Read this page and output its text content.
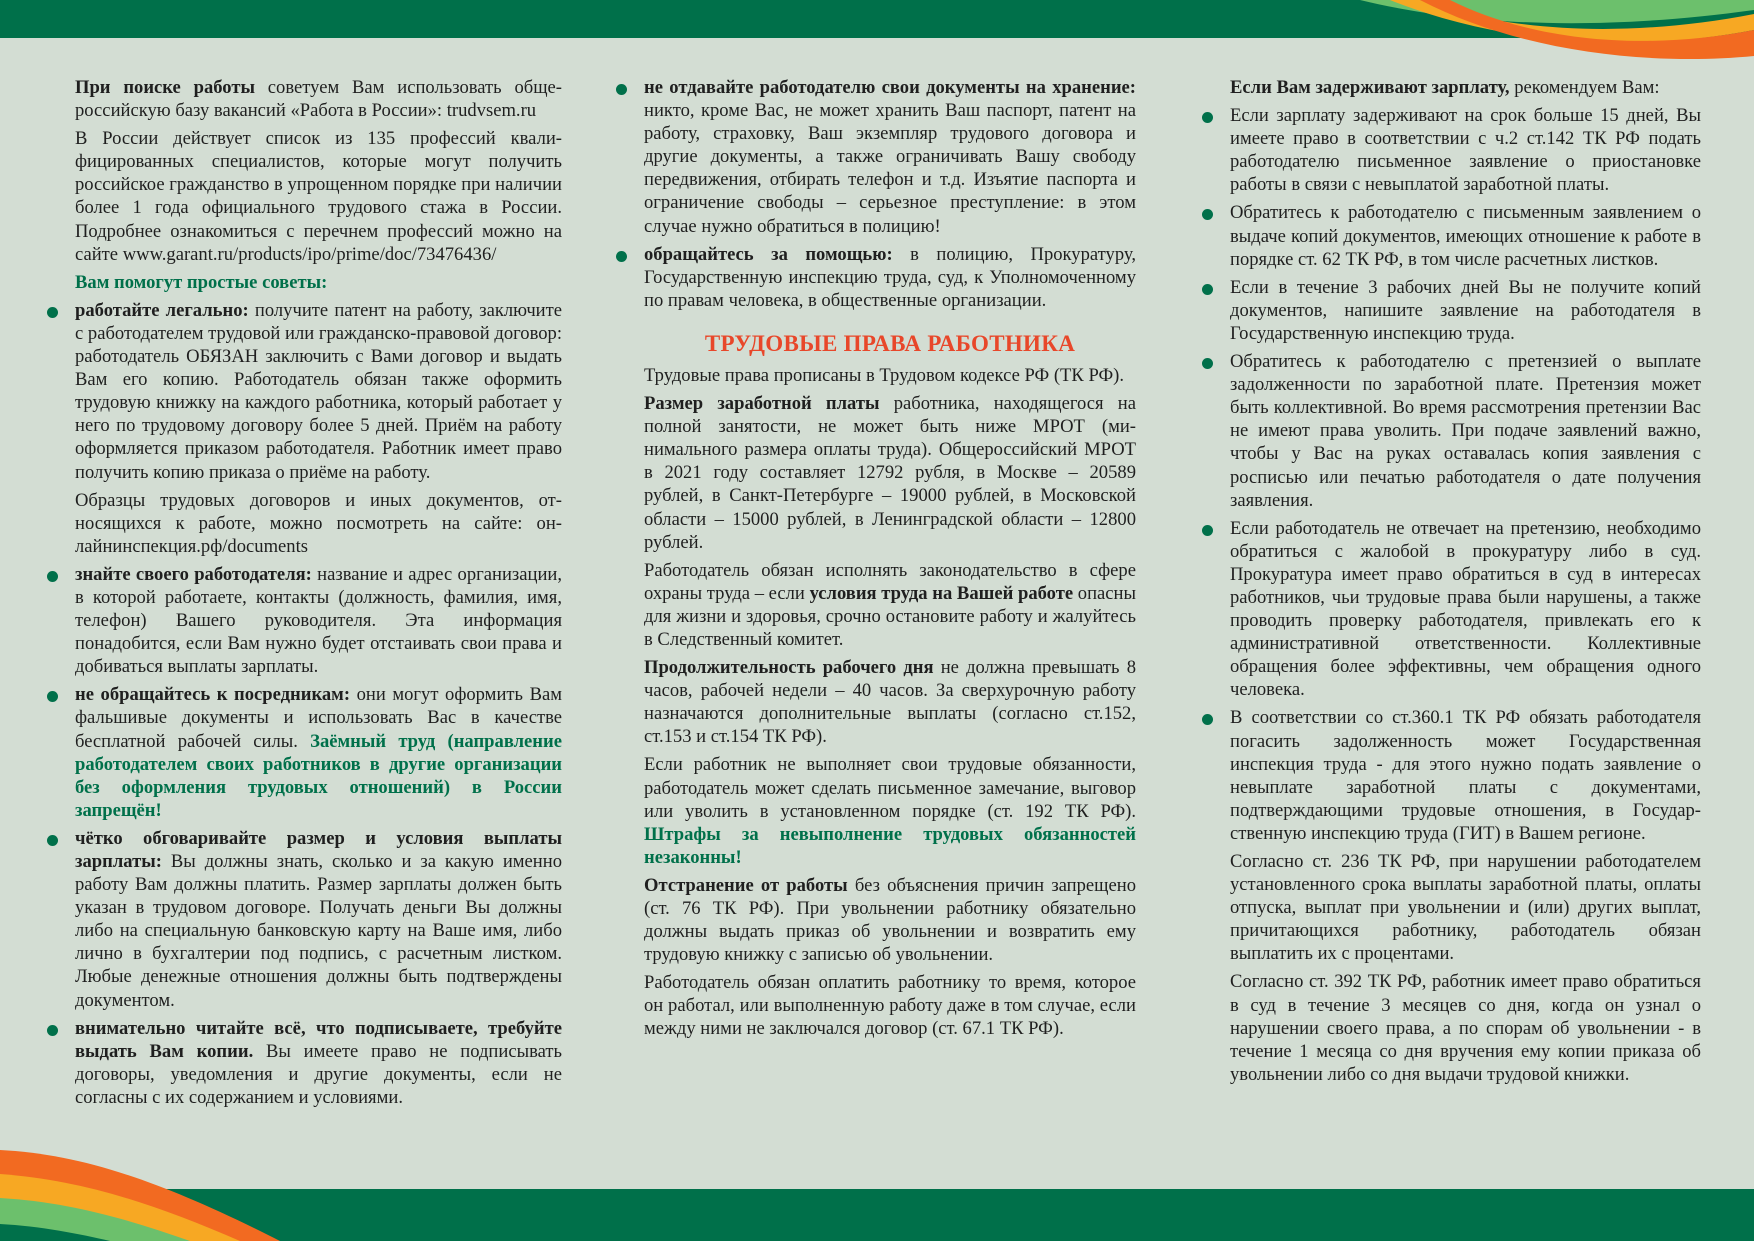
При поиске работы советуем Вам использовать общероссийскую базу вакансий «Работа в России»: trudvsem.ru

В России действует список из 135 профессий квалифицированных специалистов, которые могут получить российское гражданство в упрощенном порядке при наличии более 1 года официального трудового стажа в России. Подробнее ознакомиться с перечнем профессий можно на сайте www.garant.ru/products/ipo/prime/doc/73476436/

Вам помогут простые советы:

работайте легально: получите патент на работу, заключите с работодателем трудовой или гражданско-правовой договор: работодатель ОБЯЗАН заключить с Вами договор и выдать Вам его копию. Работодатель обязан также оформить трудовую книжку на каждого работника, который работает у него по трудовому договору более 5 дней. Приём на работу оформляется приказом работодателя. Работник имеет право получить копию приказа о приёме на работу.

Образцы трудовых договоров и иных документов, относящихся к работе, можно посмотреть на сайте: онлайнинспекция.рф/documents

знайте своего работодателя: название и адрес организации, в которой работаете, контакты (должность, фамилия, имя, телефон) Вашего руководителя. Эта информация понадобится, если Вам нужно будет отстаивать свои права и добиваться выплаты зарплаты.

не обращайтесь к посредникам: они могут оформить Вам фальшивые документы и использовать Вас в качестве бесплатной рабочей силы. Заёмный труд (направление работодателем своих работников в другие организации без оформления трудовых отношений) в России запрещён!

чётко обговаривайте размер и условия выплаты зарплаты: Вы должны знать, сколько и за какую именно работу Вам должны платить. Размер зарплаты должен быть указан в трудовом договоре. Получать деньги Вы должны либо на специальную банковскую карту на Ваше имя, либо лично в бухгалтерии под подпись, с расчетным листком. Любые денежные отношения должны быть подтверждены документом.

внимательно читайте всё, что подписываете, требуйте выдать Вам копии. Вы имеете право не подписывать договоры, уведомления и другие документы, если не согласны с их содержанием и условиями.

не отдавайте работодателю свои документы на хранение: никто, кроме Вас, не может хранить Ваш паспорт, патент на работу, страховку, Ваш экземпляр трудового договора и другие документы, а также ограничивать Вашу свободу передвижения, отбирать телефон и т.д. Изъятие паспорта и ограничение свободы – серьезное преступление: в этом случае нужно обратиться в полицию!

обращайтесь за помощью: в полицию, Прокуратуру, Государственную инспекцию труда, суд, к Уполномоченному по правам человека, в общественные организации.

ТРУДОВЫЕ ПРАВА РАБОТНИКА

Трудовые права прописаны в Трудовом кодексе РФ (ТК РФ).

Размер заработной платы работника, находящегося на полной занятости, не может быть ниже МРОТ (минимального размера оплаты труда). Общероссийский МРОТ в 2021 году составляет 12792 рубля, в Москве – 20589 рублей, в Санкт-Петербурге – 19000 рублей, в Московской области – 15000 рублей, в Ленинградской области – 12800 рублей.

Работодатель обязан исполнять законодательство в сфере охраны труда – если условия труда на Вашей работе опасны для жизни и здоровья, срочно остановите работу и жалуйтесь в Следственный комитет.

Продолжительность рабочего дня не должна превышать 8 часов, рабочей недели – 40 часов. За сверхурочную работу назначаются дополнительные выплаты (согласно ст.152, ст.153 и ст.154 ТК РФ).

Если работник не выполняет свои трудовые обязанности, работодатель может сделать письменное замечание, выговор или уволить в установленном порядке (ст. 192 ТК РФ). Штрафы за невыполнение трудовых обязанностей незаконны!

Отстранение от работы без объяснения причин запрещено (ст. 76 ТК РФ). При увольнении работнику обязательно должны выдать приказ об увольнении и возвратить ему трудовую книжку с записью об увольнении.

Работодатель обязан оплатить работнику то время, которое он работал, или выполненную работу даже в том случае, если между ними не заключался договор (ст. 67.1 ТК РФ).

Если Вам задерживают зарплату, рекомендуем Вам:

Если зарплату задерживают на срок больше 15 дней, Вы имеете право в соответствии с ч.2 ст.142 ТК РФ подать работодателю письменное заявление о приостановке работы в связи с невыплатой заработной платы.

Обратитесь к работодателю с письменным заявлением о выдаче копий документов, имеющих отношение к работе в порядке ст. 62 ТК РФ, в том числе расчетных листков.

Если в течение 3 рабочих дней Вы не получите копий документов, напишите заявление на работодателя в Государственную инспекцию труда.

Обратитесь к работодателю с претензией о выплате задолженности по заработной плате. Претензия может быть коллективной. Во время рассмотрения претензии Вас не имеют права уволить. При подаче заявлений важно, чтобы у Вас на руках оставалась копия заявления с росписью или печатью работодателя о дате получения заявления.

Если работодатель не отвечает на претензию, необходимо обратиться с жалобой в прокуратуру либо в суд. Прокуратура имеет право обратиться в суд в интересах работников, чьи трудовые права были нарушены, а также проводить проверку работодателя, привлекать его к административной ответственности. Коллективные обращения более эффективны, чем обращения одного человека.

В соответствии со ст.360.1 ТК РФ обязать работодателя погасить задолженность может Государственная инспекция труда - для этого нужно подать заявление о невыплате заработной платы с документами, подтверждающими трудовые отношения, в Государственную инспекцию труда (ГИТ) в Вашем регионе.

Согласно ст. 236 ТК РФ, при нарушении работодателем установленного срока выплаты заработной платы, оплаты отпуска, выплат при увольнении и (или) других выплат, причитающихся работнику, работодатель обязан выплатить их с процентами.

Согласно ст. 392 ТК РФ, работник имеет право обратиться в суд в течение 3 месяцев со дня, когда он узнал о нарушении своего права, а по спорам об увольнении - в течение 1 месяца со дня вручения ему копии приказа об увольнении либо со дня выдачи трудовой книжки.
